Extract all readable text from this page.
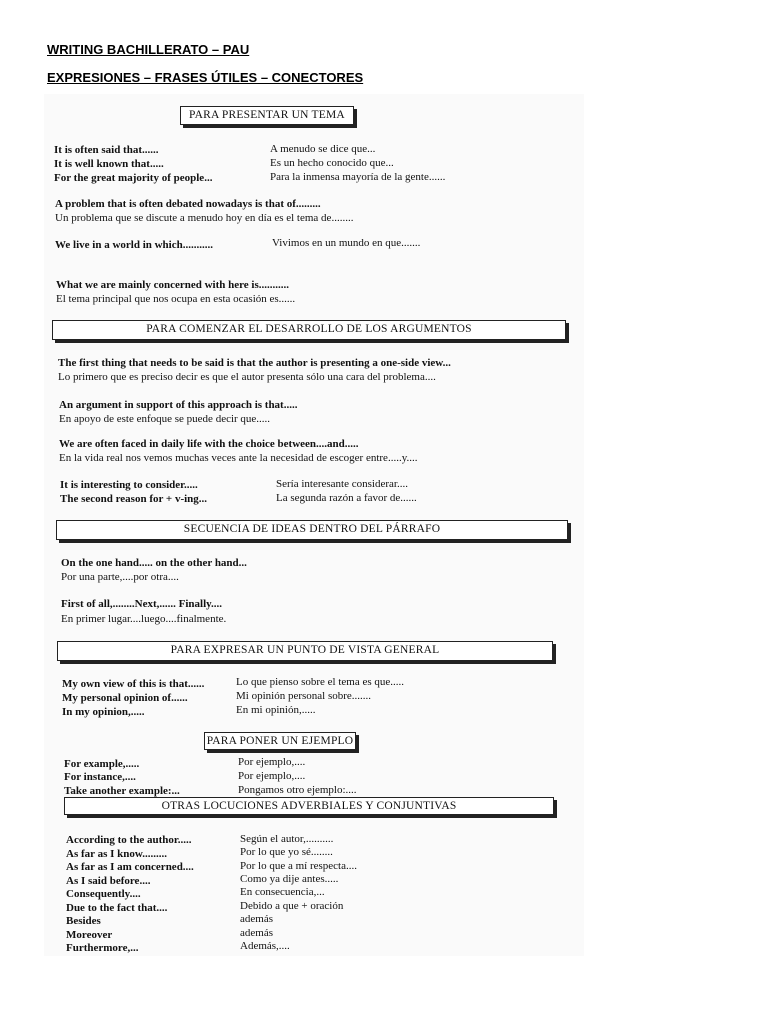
WRITING BACHILLERATO – PAU
EXPRESIONES – FRASES ÚTILES – CONECTORES
PARA PRESENTAR UN TEMA
It is often said that......	A menudo se dice que...
It is well known that.....	Es un hecho conocido que...
For the great majority of people...	Para la inmensa mayoría de la gente......
A problem that is often debated nowadays is that of.........
Un problema que se discute a menudo hoy en día es el tema de........
We live in a world in which...........	Vivimos en un mundo en que.......
What we are mainly concerned with here is...........
El tema principal que nos ocupa en esta ocasión es......
PARA COMENZAR EL DESARROLLO DE LOS ARGUMENTOS
The first thing that needs to be said is that the author is presenting a one-side view...
Lo primero que es preciso decir es que el autor presenta sólo una cara del problema....
An argument in support of this approach is that.....
En apoyo de este enfoque se puede decir que.....
We are often faced in daily life with the choice between....and.....
En la vida real nos vemos muchas veces ante la necesidad de escoger entre.....y....
It is interesting to consider.....	Sería interesante considerar....
The second reason for + v-ing...	La segunda razón a favor de......
SECUENCIA DE IDEAS DENTRO DEL PÁRRAFO
On the one hand..... on the other hand...
Por una parte,....por otra....
First of all,........Next,...... Finally....
En primer lugar....luego....finalmente.
PARA EXPRESAR UN PUNTO DE VISTA GENERAL
My own view of this is that......	Lo que pienso sobre el tema es que.....
My personal opinion of......	Mi opinión personal sobre.......
In my opinion,.....	En mi opinión,.....
PARA PONER UN EJEMPLO
For example,.....	Por ejemplo,....
For instance,....	Por ejemplo,....
Take another example:...	Pongamos otro ejemplo:....
OTRAS LOCUCIONES ADVERBIALES Y CONJUNTIVAS
According to the author.....	Según el autor,..........
As far as I know.........	Por lo que yo sé........
As far as I am concerned....	Por lo que a mí respecta....
As I said before....	Como ya dije antes.....
Consequently....	En consecuencia,...
Due to the fact that....	Debido a que + oración
Besides	además
Moreover	además
Furthermore,...	Además,....
